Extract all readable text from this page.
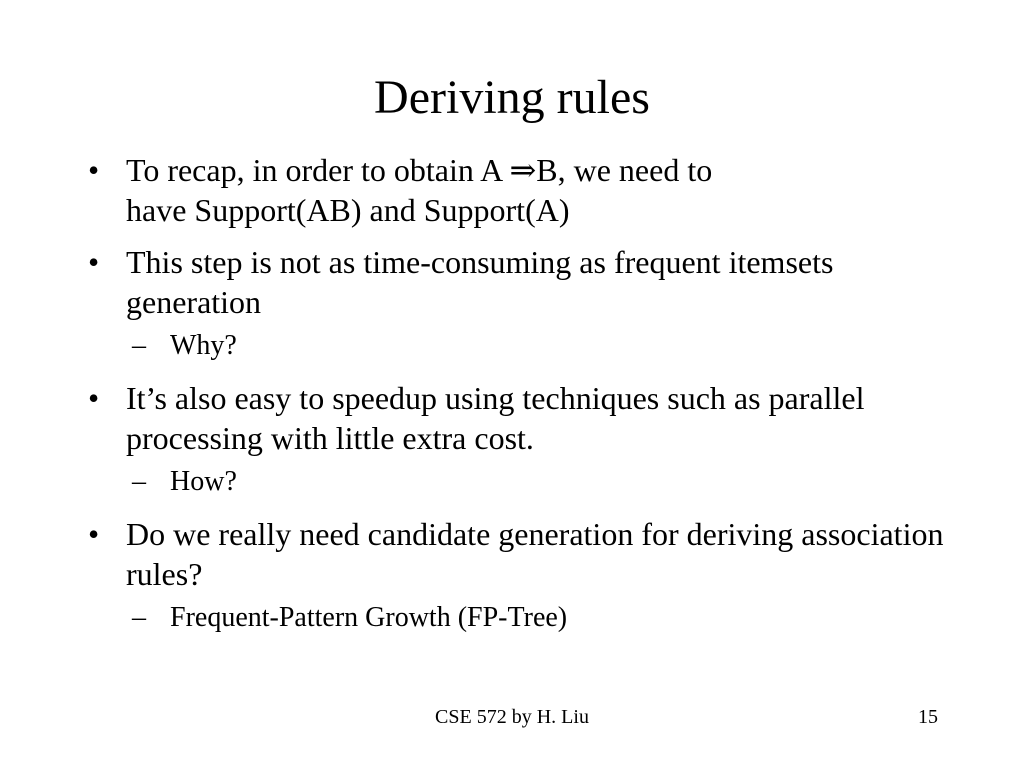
Deriving rules
• To recap, in order to obtain A ⇒B, we need to
have Support(AB) and Support(A)
• This step is not as time-consuming as frequent itemsets generation
– Why?
• It’s also easy to speedup using techniques such as parallel processing with little extra cost.
– How?
• Do we really need candidate generation for deriving association rules?
– Frequent-Pattern Growth (FP-Tree)
CSE 572 by H. Liu	15
